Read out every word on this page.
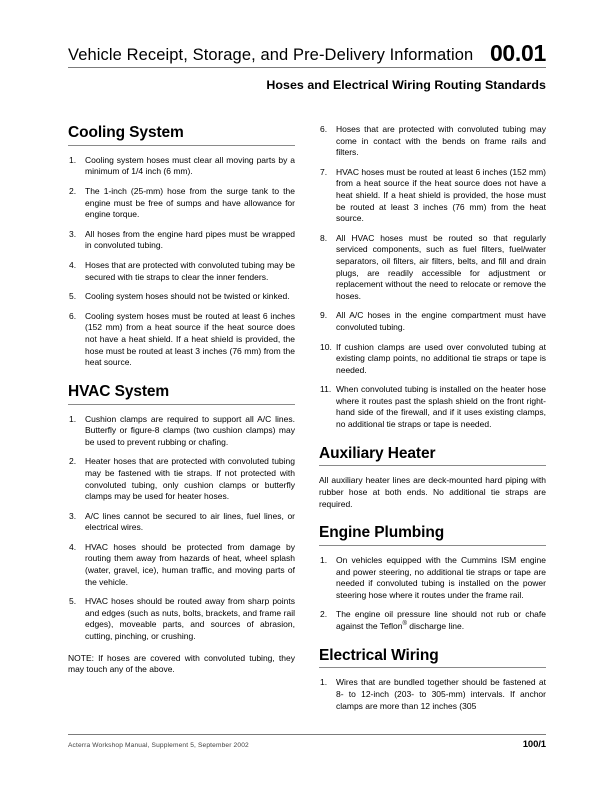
Vehicle Receipt, Storage, and Pre-Delivery Information 00.01
Hoses and Electrical Wiring Routing Standards
Cooling System
1.	Cooling system hoses must clear all moving parts by a minimum of 1/4 inch (6 mm).
2.	The 1-inch (25-mm) hose from the surge tank to the engine must be free of sumps and have allowance for engine torque.
3.	All hoses from the engine hard pipes must be wrapped in convoluted tubing.
4.	Hoses that are protected with convoluted tubing may be secured with tie straps to clear the inner fenders.
5.	Cooling system hoses should not be twisted or kinked.
6.	Cooling system hoses must be routed at least 6 inches (152 mm) from a heat source if the heat source does not have a heat shield. If a heat shield is provided, the hose must be routed at least 3 inches (76 mm) from the heat source.
HVAC System
1.	Cushion clamps are required to support all A/C lines. Butterfly or figure-8 clamps (two cushion clamps) may be used to prevent rubbing or chafing.
2.	Heater hoses that are protected with convoluted tubing may be fastened with tie straps. If not protected with convoluted tubing, only cushion clamps or butterfly clamps may be used for heater hoses.
3.	A/C lines cannot be secured to air lines, fuel lines, or electrical wires.
4.	HVAC hoses should be protected from damage by routing them away from hazards of heat, wheel splash (water, gravel, ice), human traffic, and moving parts of the vehicle.
5.	HVAC hoses should be routed away from sharp points and edges (such as nuts, bolts, brackets, and frame rail edges), moveable parts, and sources of abrasion, cutting, pinching, or crushing.

NOTE: If hoses are covered with convoluted tubing, they may touch any of the above.

6.	Hoses that are protected with convoluted tubing may come in contact with the bends on frame rails and filters.
7.	HVAC hoses must be routed at least 6 inches (152 mm) from a heat source if the heat source does not have a heat shield. If a heat shield is provided, the hose must be routed at least 3 inches (76 mm) from the heat source.
8.	All HVAC hoses must be routed so that regularly serviced components, such as fuel filters, fuel/water separators, oil filters, air filters, belts, and fill and drain plugs, are readily accessible for adjustment or replacement without the need to relocate or remove the hoses.
9.	All A/C hoses in the engine compartment must have convoluted tubing.
10. If cushion clamps are used over convoluted tubing at existing clamp points, no additional tie straps or tape is needed.
11. When convoluted tubing is installed on the heater hose where it routes past the splash shield on the front right-hand side of the firewall, and if it uses existing clamps, no additional tie straps or tape is needed.
Auxiliary Heater

All auxiliary heater lines are deck-mounted hard piping with rubber hose at both ends. No additional tie straps are required.

Engine Plumbing
1.	On vehicles equipped with the Cummins ISM engine and power steering, no additional tie straps or tape are needed if convoluted tubing is installed on the power steering hose where it routes under the frame rail.
2.	The engine oil pressure line should not rub or chafe against the Teflon® discharge line.
Electrical Wiring
1.	Wires that are bundled together should be fastened at 8- to 12-inch (203- to 305-mm) intervals. If anchor clamps are more than 12 inches (305
Acterra Workshop Manual, Supplement 5, September 2002	100/1
